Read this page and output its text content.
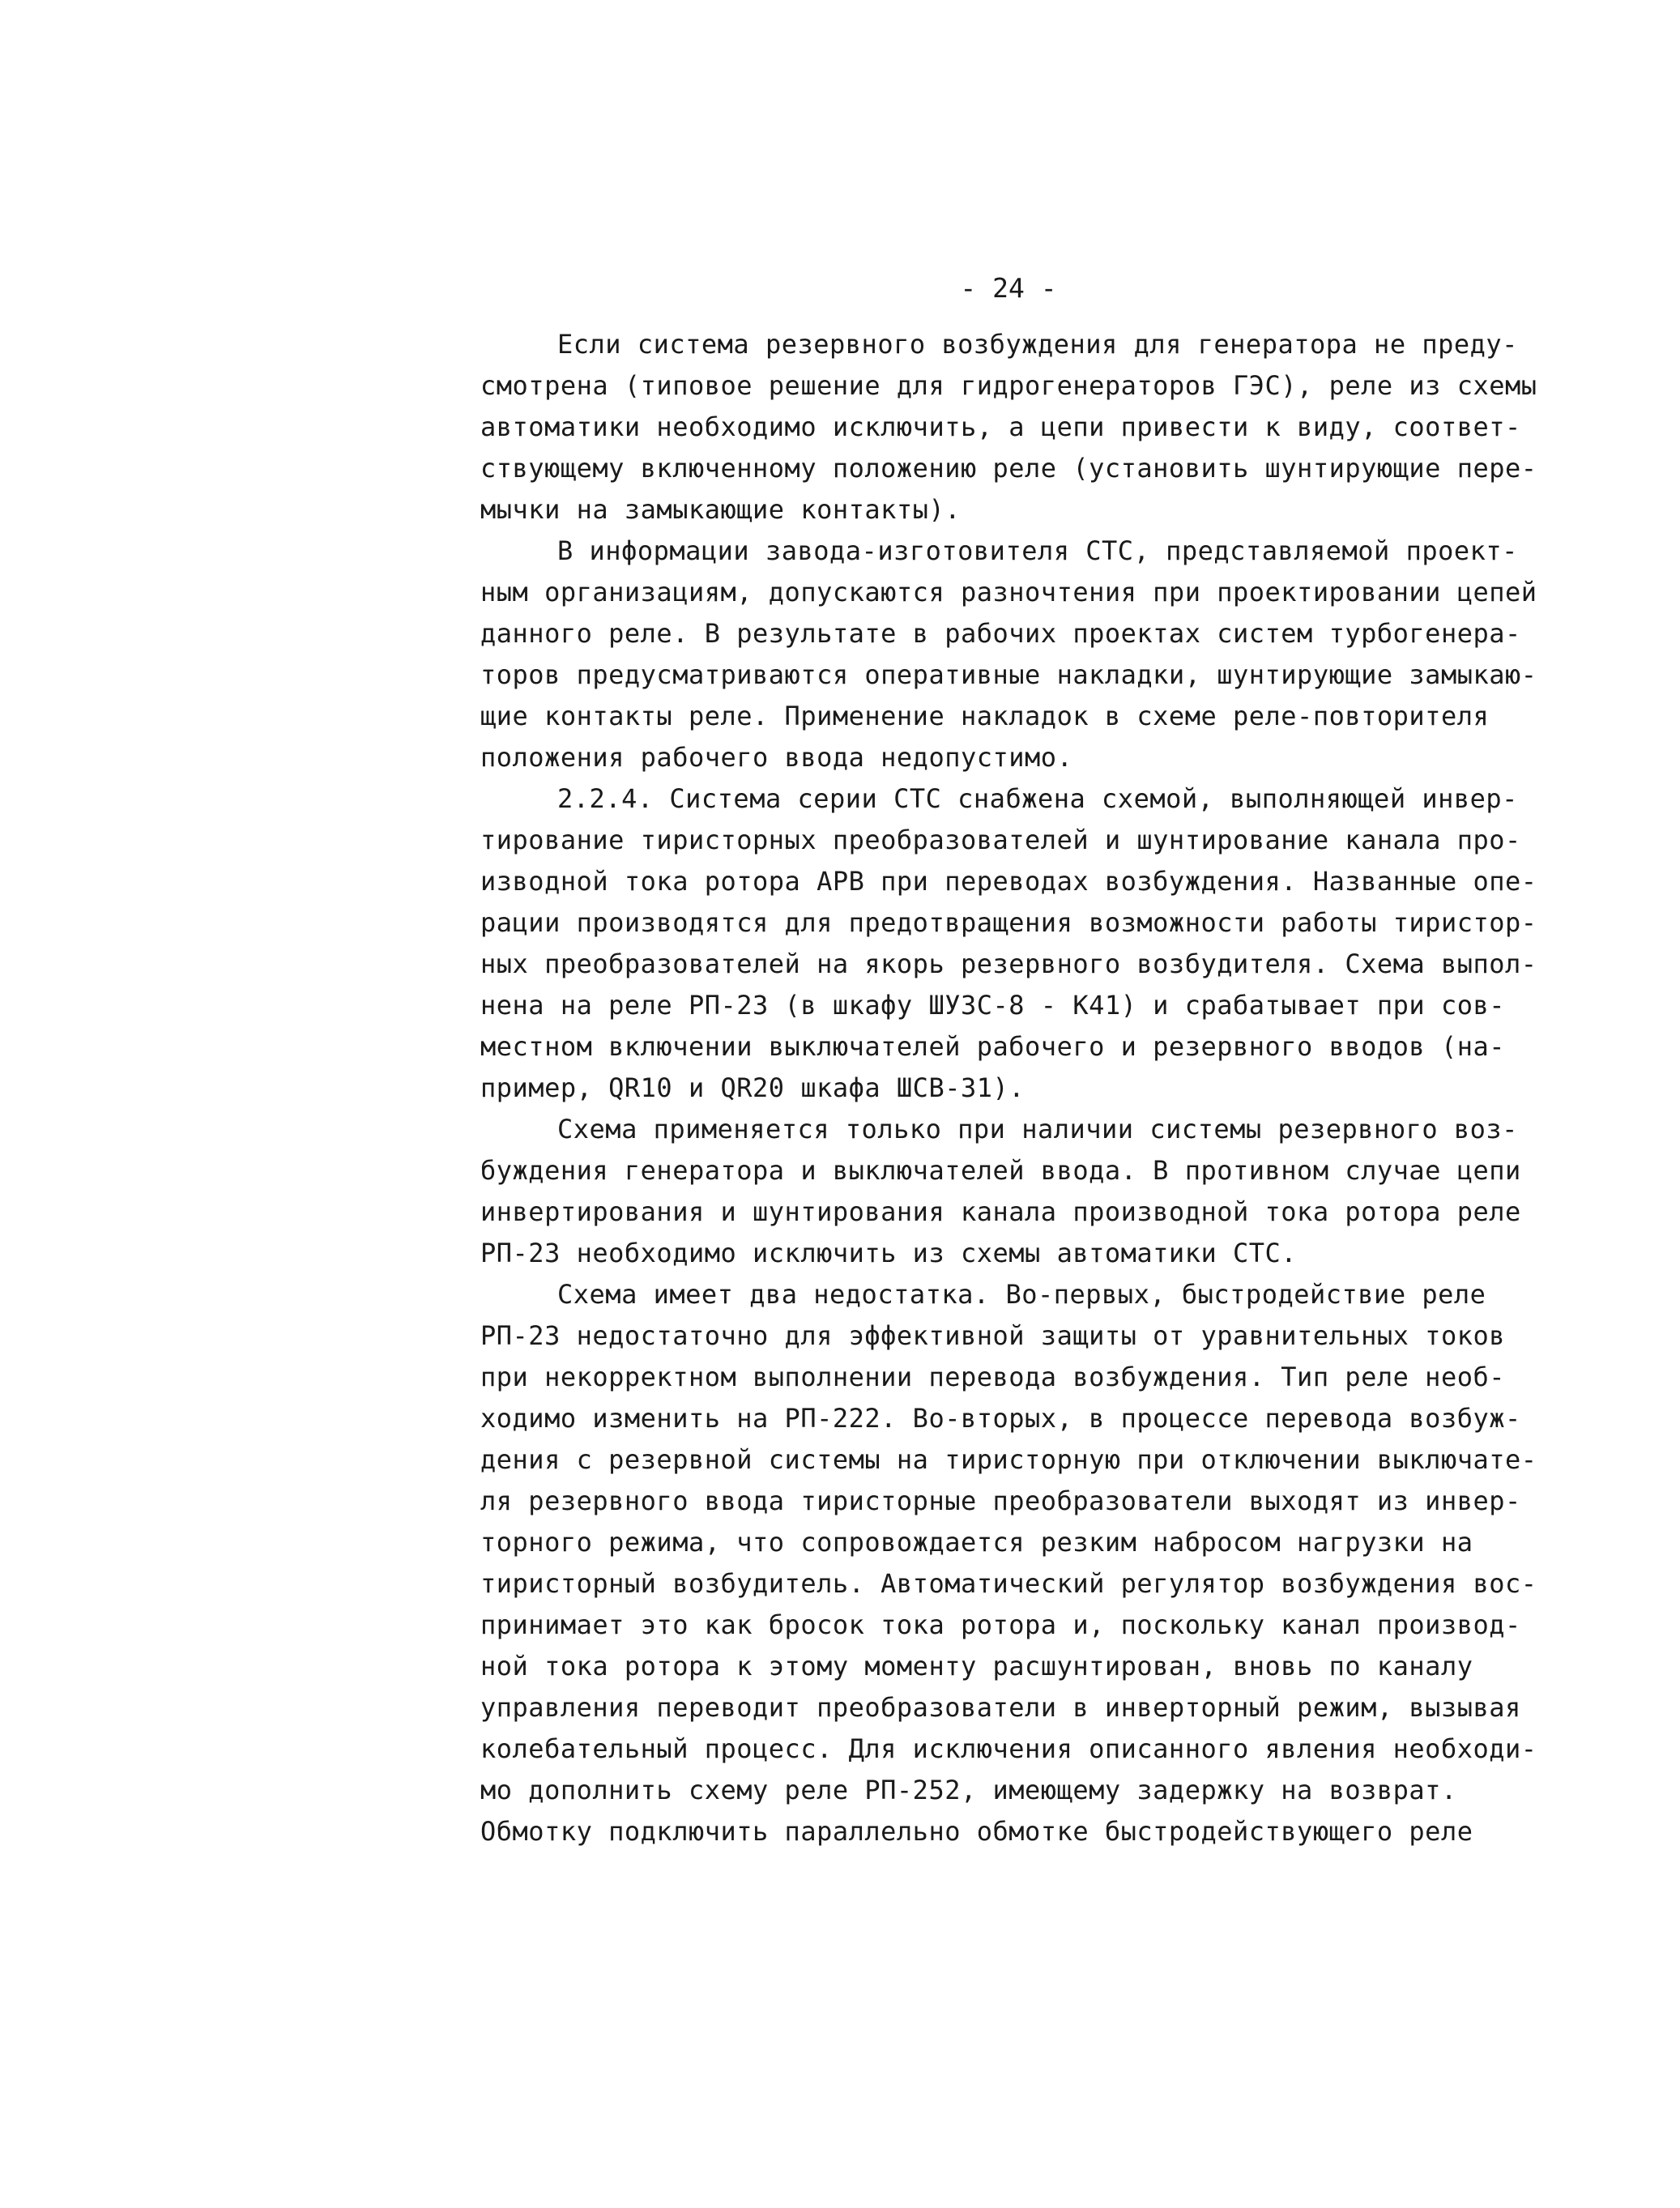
- 24 -
Если система резервного возбуждения для генератора не преду-
смотрена (типовое решение для гидрогенераторов ГЭС), реле из схемы
автоматики необходимо исключить, а цепи привести к виду, соответ-
ствующему включенному положению реле (установить шунтирующие пере-
мычки на замыкающие контакты).
В информации завода-изготовителя СТС, представляемой проект-
ным организациям, допускаются разночтения при проектировании цепей
данного реле. В результате в рабочих проектах систем турбогенера-
торов предусматриваются оперативные накладки, шунтирующие замыкаю-
щие контакты реле. Применение накладок в схеме реле-повторителя
положения рабочего ввода недопустимо.
2.2.4. Система серии СТС снабжена схемой, выполняющей инвер-
тирование тиристорных преобразователей и шунтирование канала про-
изводной тока ротора АРВ при переводах возбуждения. Названные опе-
рации производятся для предотвращения возможности работы тиристор-
ных преобразователей на якорь резервного возбудителя. Схема выпол-
нена на реле РП-23 (в шкафу ШУЗС-8 - К41) и срабатывает при сов-
местном включении выключателей рабочего и резервного вводов (на-
пример, QR10 и QR20 шкафа ШСВ-31).
Схема применяется только при наличии системы резервного воз-
буждения генератора и выключателей ввода. В противном случае цепи
инвертирования и шунтирования канала производной тока ротора реле
РП-23 необходимо исключить из схемы автоматики СТС.
Схема имеет два недостатка. Во-первых, быстродействие реле
РП-23 недостаточно для эффективной защиты от уравнительных токов
при некорректном выполнении перевода возбуждения. Тип реле необ-
ходимо изменить на РП-222. Во-вторых, в процессе перевода возбуж-
дения с резервной системы на тиристорную при отключении выключате-
ля резервного ввода тиристорные преобразователи выходят из инвер-
торного режима, что сопровождается резким набросом нагрузки на
тиристорный возбудитель. Автоматический регулятор возбуждения вос-
принимает это как бросок тока ротора и, поскольку канал производ-
ной тока ротора к этому моменту расшунтирован, вновь по каналу
управления переводит преобразователи в инверторный режим, вызывая
колебательный процесс. Для исключения описанного явления необходи-
мо дополнить схему реле РП-252, имеющему задержку на возврат.
Обмотку подключить параллельно обмотке быстродействующего реле
